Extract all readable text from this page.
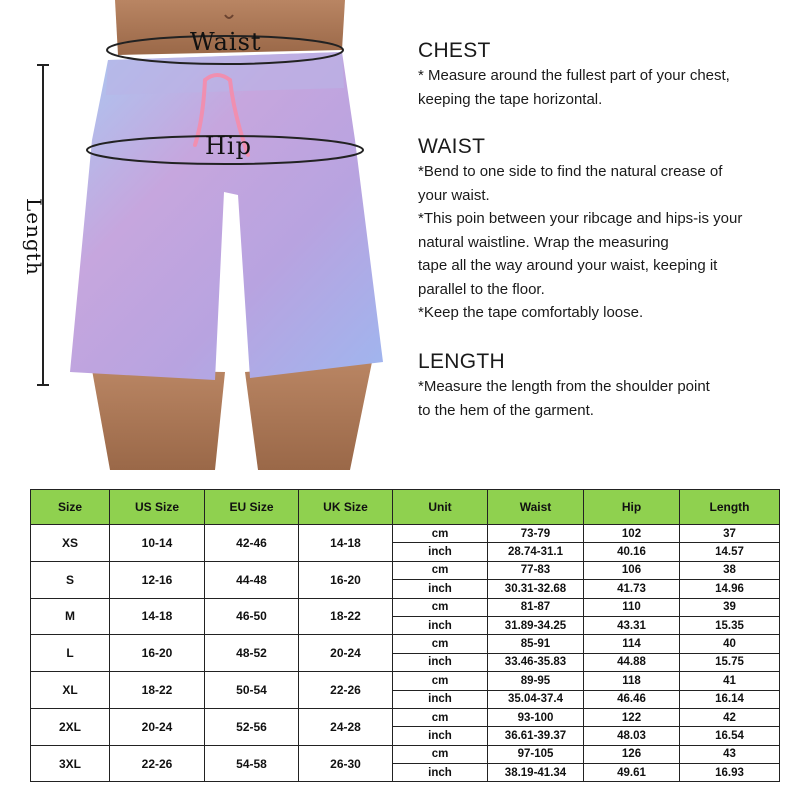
Waist
Hip
Length

CHEST

* Measure around the fullest part of your chest,

keeping the tape horizontal.

WAIST

*Bend to one side to find the natural crease of

your waist.

*This poin between your ribcage and hips-is your

natural waistline. Wrap the measuring

tape all the way around your waist, keeping it

parallel to the floor.

*Keep the tape comfortably loose.

LENGTH

*Measure the length from the shoulder point

to the hem of the garment.

Size	US Size	EU Size	UK Size	Unit	Waist	Hip	Length
XS	10-14	42-46	14-18	cm	73-79	102	37
				inch	28.74-31.1	40.16	14.57
S	12-16	44-48	16-20	cm	77-83	106	38
				inch	30.31-32.68	41.73	14.96
M	14-18	46-50	18-22	cm	81-87	110	39
				inch	31.89-34.25	43.31	15.35
L	16-20	48-52	20-24	cm	85-91	114	40
				inch	33.46-35.83	44.88	15.75
XL	18-22	50-54	22-26	cm	89-95	118	41
				inch	35.04-37.4	46.46	16.14
2XL	20-24	52-56	24-28	cm	93-100	122	42
				inch	36.61-39.37	48.03	16.54
3XL	22-26	54-58	26-30	cm	97-105	126	43
				inch	38.19-41.34	49.61	16.93
